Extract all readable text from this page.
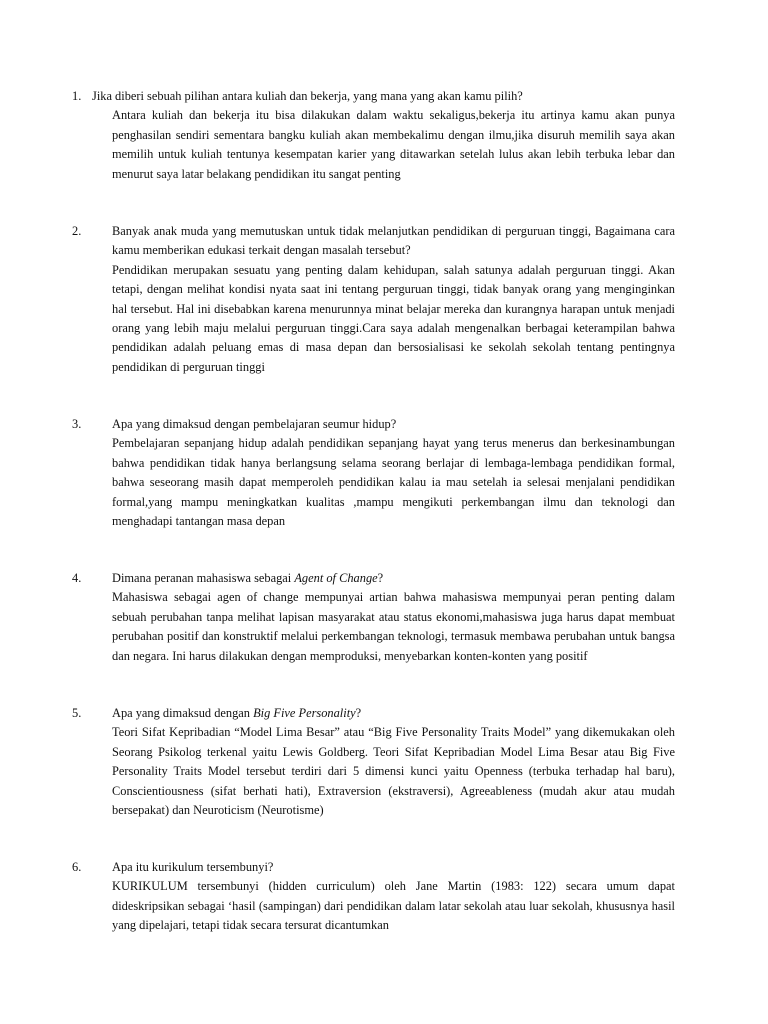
1. Jika diberi sebuah pilihan antara kuliah dan bekerja, yang mana yang akan kamu pilih?
Antara kuliah dan bekerja itu bisa dilakukan dalam waktu sekaligus,bekerja itu artinya kamu akan punya penghasilan sendiri sementara bangku kuliah akan membekalimu dengan ilmu,jika disuruh memilih saya akan memilih untuk kuliah tentunya kesempatan karier yang ditawarkan setelah lulus akan lebih terbuka lebar dan menurut saya latar belakang pendidikan itu sangat penting
2. Banyak anak muda yang memutuskan untuk tidak melanjutkan pendidikan di perguruan tinggi, Bagaimana cara kamu memberikan edukasi terkait dengan masalah tersebut?
Pendidikan merupakan sesuatu yang penting dalam kehidupan, salah satunya adalah perguruan tinggi. Akan tetapi, dengan melihat kondisi nyata saat ini tentang perguruan tinggi, tidak banyak orang yang menginginkan hal tersebut. Hal ini disebabkan karena menurunnya minat belajar mereka dan kurangnya harapan untuk menjadi orang yang lebih maju melalui perguruan tinggi.Cara saya adalah mengenalkan berbagai keterampilan bahwa pendidikan adalah peluang emas di masa depan dan bersosialisasi ke sekolah sekolah tentang pentingnya pendidikan di perguruan tinggi
3. Apa yang dimaksud dengan pembelajaran seumur hidup?
Pembelajaran sepanjang hidup adalah pendidikan sepanjang hayat yang terus menerus dan berkesinambungan bahwa pendidikan tidak hanya berlangsung selama seorang berlajar di lembaga-lembaga pendidikan formal, bahwa seseorang masih dapat memperoleh pendidikan kalau ia mau setelah ia selesai menjalani pendidikan formal,yang mampu meningkatkan kualitas ,mampu mengikuti perkembangan ilmu dan teknologi dan menghadapi tantangan masa depan
4. Dimana peranan mahasiswa sebagai Agent of Change?
Mahasiswa sebagai agen of change mempunyai artian bahwa mahasiswa mempunyai peran penting dalam sebuah perubahan tanpa melihat lapisan masyarakat atau status ekonomi,mahasiswa juga harus dapat membuat perubahan positif dan konstruktif melalui perkembangan teknologi, termasuk membawa perubahan untuk bangsa dan negara. Ini harus dilakukan dengan memproduksi, menyebarkan konten-konten yang positif
5. Apa yang dimaksud dengan Big Five Personality?
Teori Sifat Kepribadian “Model Lima Besar” atau “Big Five Personality Traits Model” yang dikemukakan oleh Seorang Psikolog terkenal yaitu Lewis Goldberg. Teori Sifat Kepribadian Model Lima Besar atau Big Five Personality Traits Model tersebut terdiri dari 5 dimensi kunci yaitu Openness (terbuka terhadap hal baru), Conscientiousness (sifat berhati hati), Extraversion (ekstraversi), Agreeableness (mudah akur atau mudah bersepakat) dan Neuroticism (Neurotisme)
6. Apa itu kurikulum tersembunyi?
KURIKULUM tersembunyi (hidden curriculum) oleh Jane Martin (1983: 122) secara umum dapat dideskripsikan sebagai ‘hasil (sampingan) dari pendidikan dalam latar sekolah atau luar sekolah, khususnya hasil yang dipelajari, tetapi tidak secara tersurat dicantumkan
